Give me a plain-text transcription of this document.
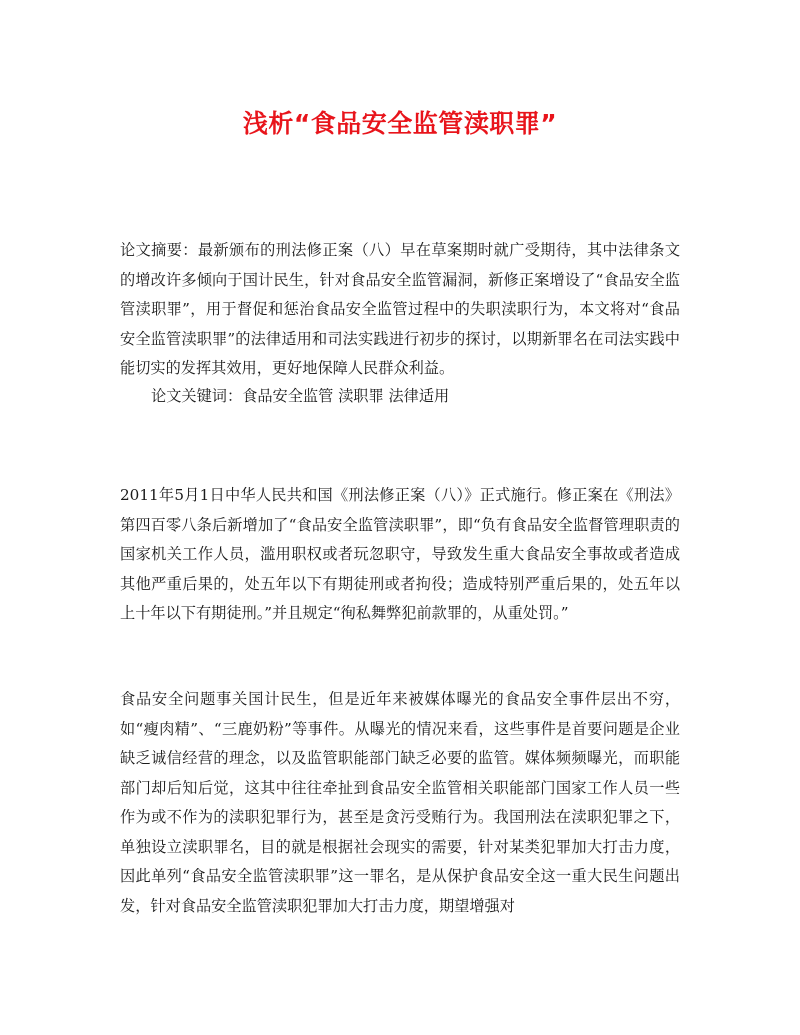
浅析“食品安全监管渎职罪”

论文摘要：最新颁布的刑法修正案（八）早在草案期时就广受期待，其中法律条文的增改许多倾向于国计民生，针对食品安全监管漏洞，新修正案增设了“食品安全监管渎职罪”，用于督促和惩治食品安全监管过程中的失职渎职行为，本文将对“食品安全监管渎职罪”的法律适用和司法实践进行初步的探讨，以期新罪名在司法实践中能切实的发挥其效用，更好地保障人民群众利益。

论文关键词：食品安全监管 渎职罪 法律适用

2011年5月1日中华人民共和国《刑法修正案（八）》正式施行。修正案在《刑法》第四百零八条后新增加了“食品安全监管渎职罪”，即“负有食品安全监督管理职责的国家机关工作人员，滥用职权或者玩忽职守，导致发生重大食品安全事故或者造成其他严重后果的，处五年以下有期徒刑或者拘役；造成特别严重后果的，处五年以上十年以下有期徒刑。”并且规定“徇私舞弊犯前款罪的，从重处罚。”

食品安全问题事关国计民生，但是近年来被媒体曝光的食品安全事件层出不穷，如“瘦肉精”、“三鹿奶粉”等事件。从曝光的情况来看，这些事件是首要问题是企业缺乏诚信经营的理念，以及监管职能部门缺乏必要的监管。媒体频频曝光，而职能部门却后知后觉，这其中往往牵扯到食品安全监管相关职能部门国家工作人员一些作为或不作为的渎职犯罪行为，甚至是贪污受贿行为。我国刑法在渎职犯罪之下，单独设立渎职罪名，目的就是根据社会现实的需要，针对某类犯罪加大打击力度，因此单列“食品安全监管渎职罪”这一罪名，是从保护食品安全这一重大民生问题出发，针对食品安全监管渎职犯罪加大打击力度，期望增强对
